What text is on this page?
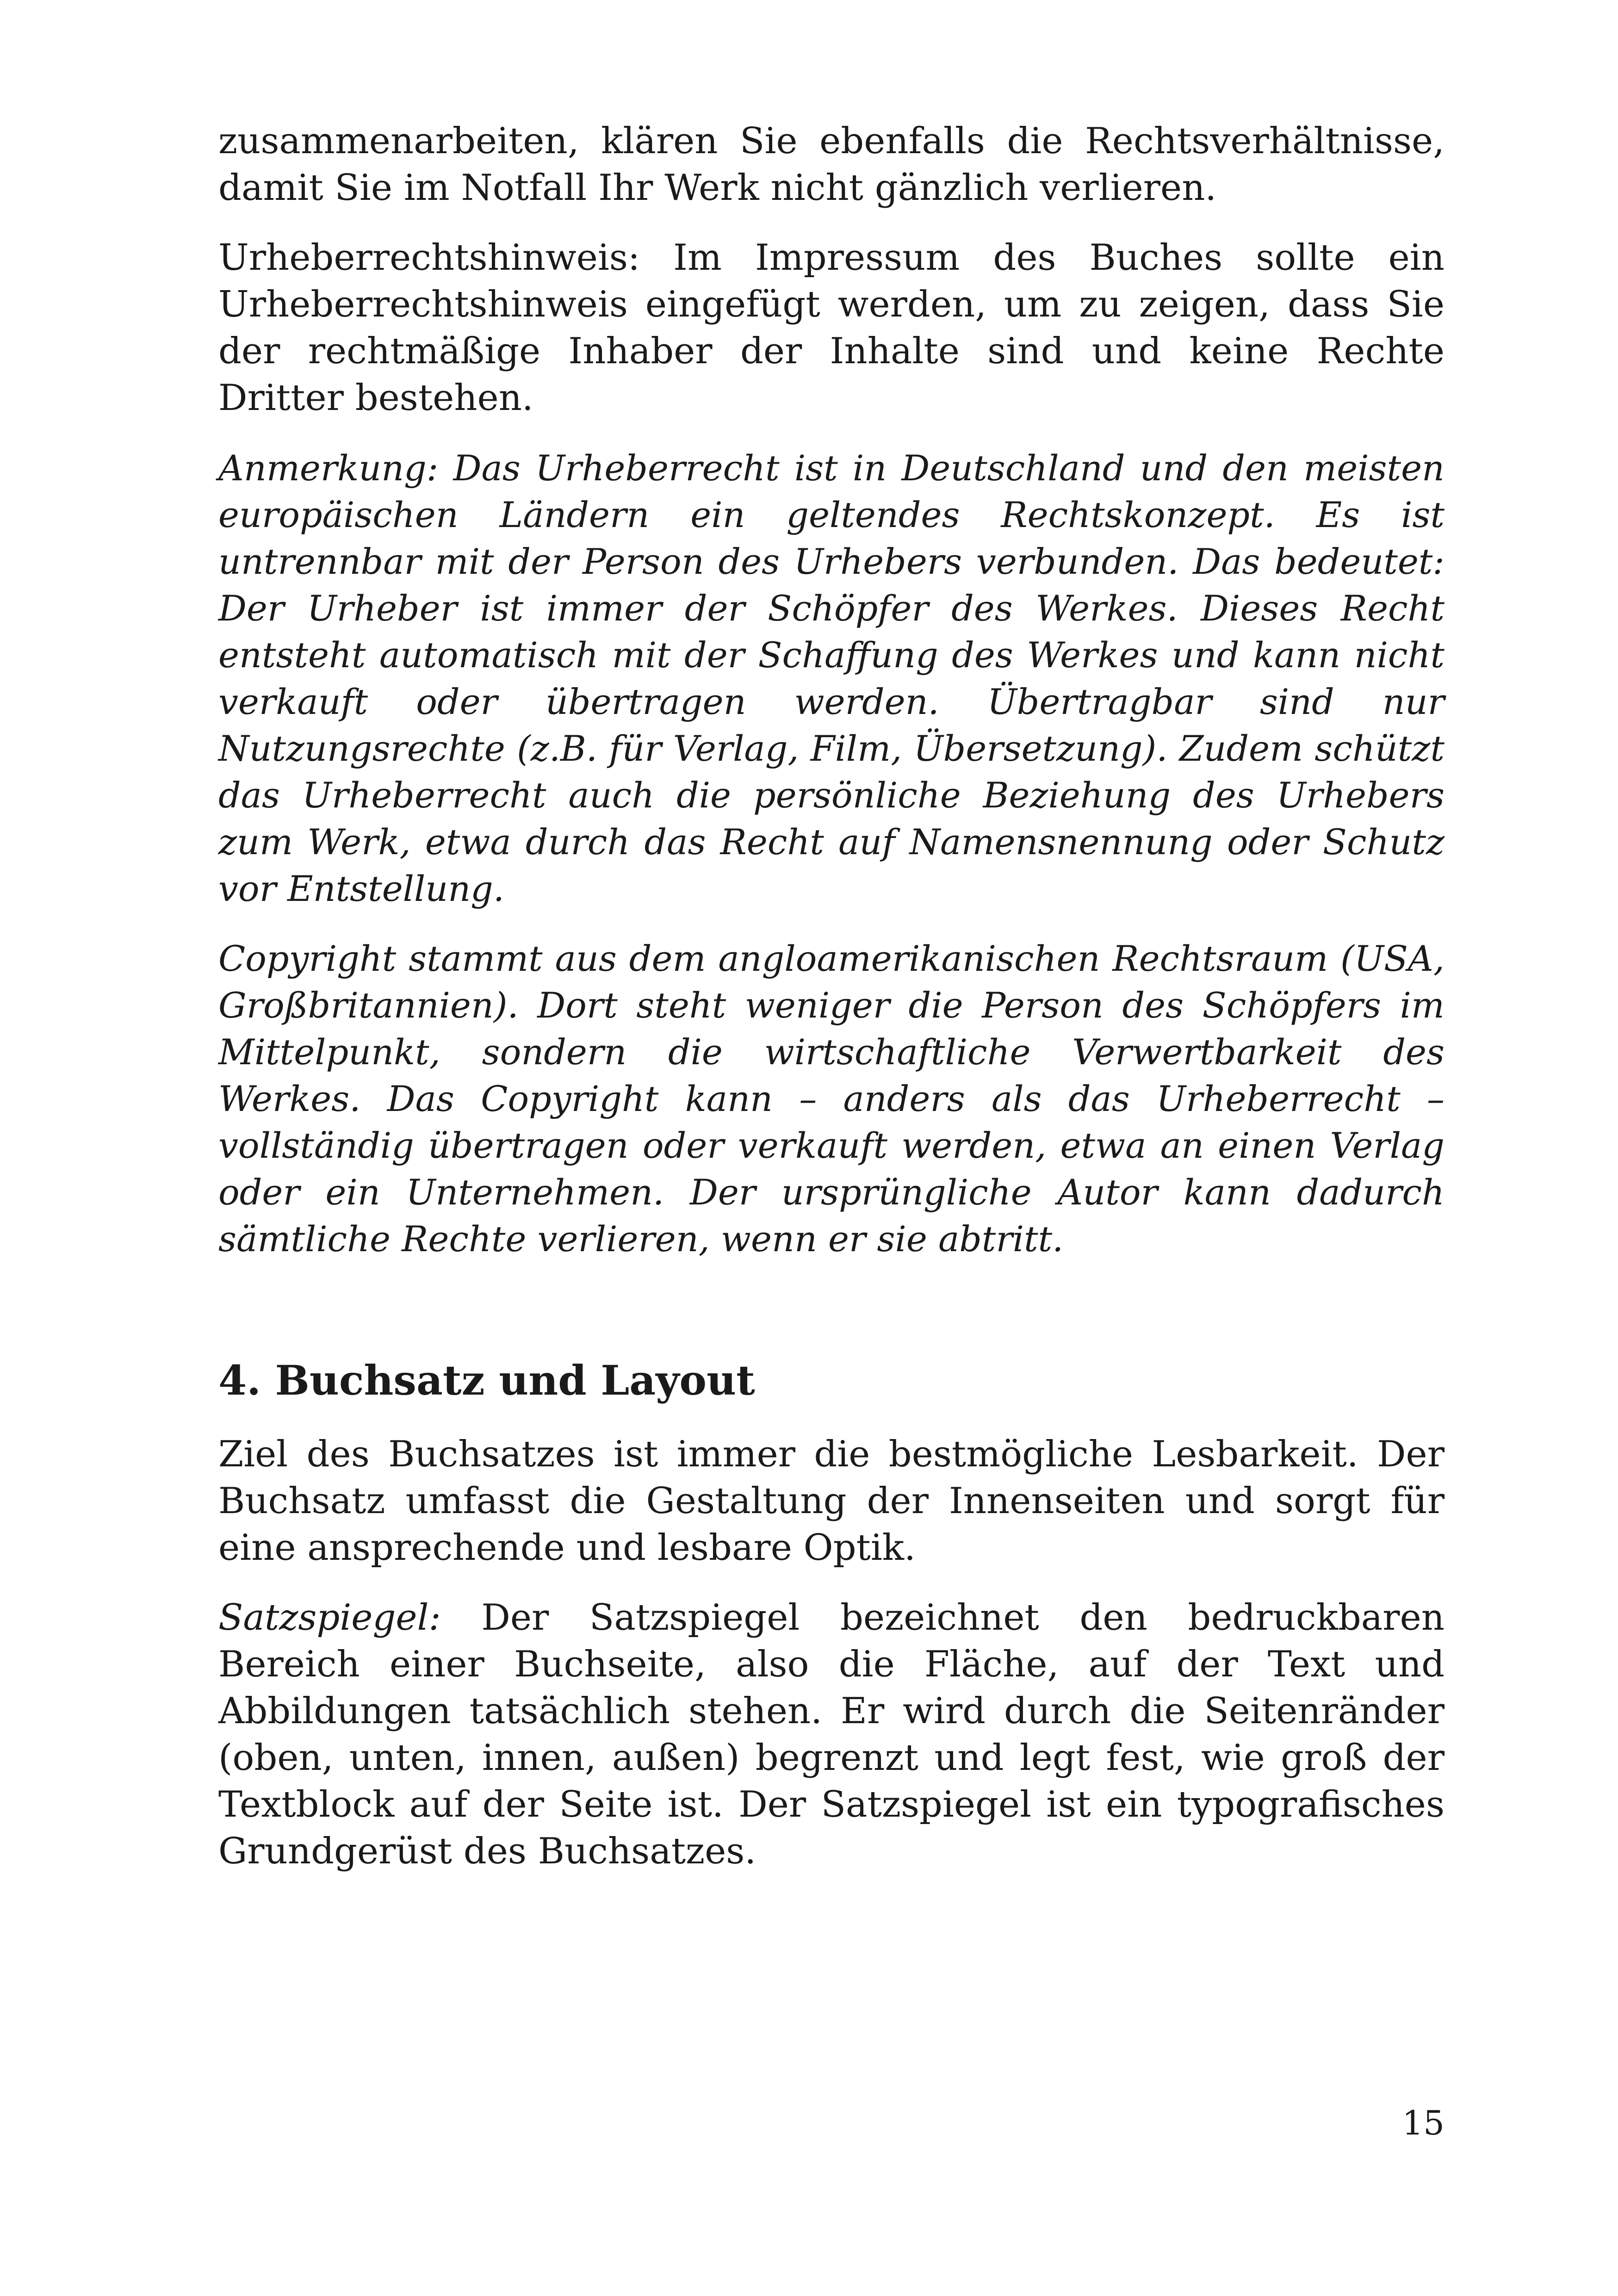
zusammenarbeiten, klären Sie ebenfalls die Rechtsverhältnisse, damit Sie im Notfall Ihr Werk nicht gänzlich verlieren.

Urheberrechtshinweis: Im Impressum des Buches sollte ein Urheberrechtshinweis eingefügt werden, um zu zeigen, dass Sie der rechtmäßige Inhaber der Inhalte sind und keine Rechte Dritter bestehen.

Anmerkung: Das Urheberrecht ist in Deutschland und den meisten europäischen Ländern ein geltendes Rechtskonzept. Es ist untrennbar mit der Person des Urhebers verbunden. Das bedeutet: Der Urheber ist immer der Schöpfer des Werkes. Dieses Recht entsteht automatisch mit der Schaffung des Werkes und kann nicht verkauft oder übertragen werden. Übertragbar sind nur Nutzungsrechte (z.B. für Verlag, Film, Übersetzung). Zudem schützt das Urheberrecht auch die persönliche Beziehung des Urhebers zum Werk, etwa durch das Recht auf Namensnennung oder Schutz vor Entstellung.

Copyright stammt aus dem angloamerikanischen Rechtsraum (USA, Großbritannien). Dort steht weniger die Person des Schöpfers im Mittelpunkt, sondern die wirtschaftliche Verwertbarkeit des Werkes. Das Copyright kann – anders als das Urheberrecht – vollständig übertragen oder verkauft werden, etwa an einen Verlag oder ein Unternehmen. Der ursprüngliche Autor kann dadurch sämtliche Rechte verlieren, wenn er sie abtritt.

4. Buchsatz und Layout

Ziel des Buchsatzes ist immer die bestmögliche Lesbarkeit. Der Buchsatz umfasst die Gestaltung der Innenseiten und sorgt für eine ansprechende und lesbare Optik.

Satzspiegel: Der Satzspiegel bezeichnet den bedruckbaren Bereich einer Buchseite, also die Fläche, auf der Text und Abbildungen tatsächlich stehen. Er wird durch die Seitenränder (oben, unten, innen, außen) begrenzt und legt fest, wie groß der Textblock auf der Seite ist. Der Satzspiegel ist ein typografisches Grundgerüst des Buchsatzes.

15
